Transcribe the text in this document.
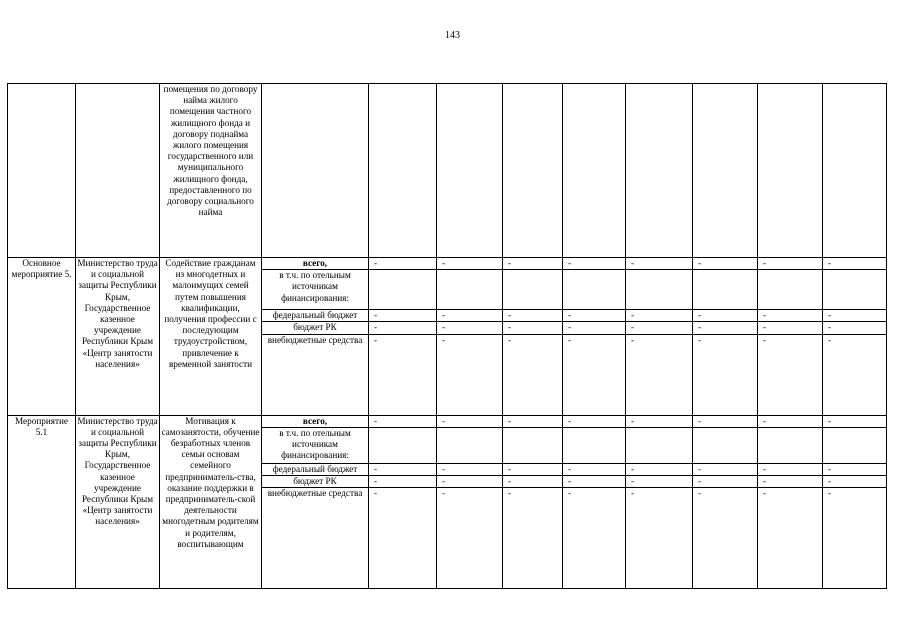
143
		помещения по договору найма жилого помещения частного жилищного фонда и договору поднайма жилого помещения государственного или муниципального жилищного фонда, предоставленного по договору социального найма									
Основное мероприятие 5.	Министерство труда и социальной защиты Республики Крым, Государственное казенное учреждение Республики Крым «Центр занятости населения»	Содействие гражданам из многодетных и малоимущих семей путем повышения квалификации, получения профессии с последующим трудоустройством, привлечение к временной занятости	всего,	-	-	-	-	-	-	-	-

			в т.ч. по отельным источникам финансирования:								
			федеральный бюджет	-	-	-	-	-	-	-	-

			бюджет РК	-	-	-	-	-	-	-	-

			внебюджетные средства	-	-	-	-	-	-	-	-

Мероприятие 5.1	Министерство труда и социальной защиты Республики Крым, Государственное казенное учреждение Республики Крым «Центр занятости населения»	Мотивация к самозанятости, обучение безработных членов семьи основам семейного предприниматель-ства, оказание поддержки в предприниматель-ской деятельности многодетным родителям и родителям, воспитывающим	всего,	-	-	-	-	-	-	-	-

			в т.ч. по отельным источникам финансирования:								
			федеральный бюджет	-	-	-	-	-	-	-	-

			бюджет РК	-	-	-	-	-	-	-	-

			внебюджетные средства	-	-	-	-	-	-	-	-
